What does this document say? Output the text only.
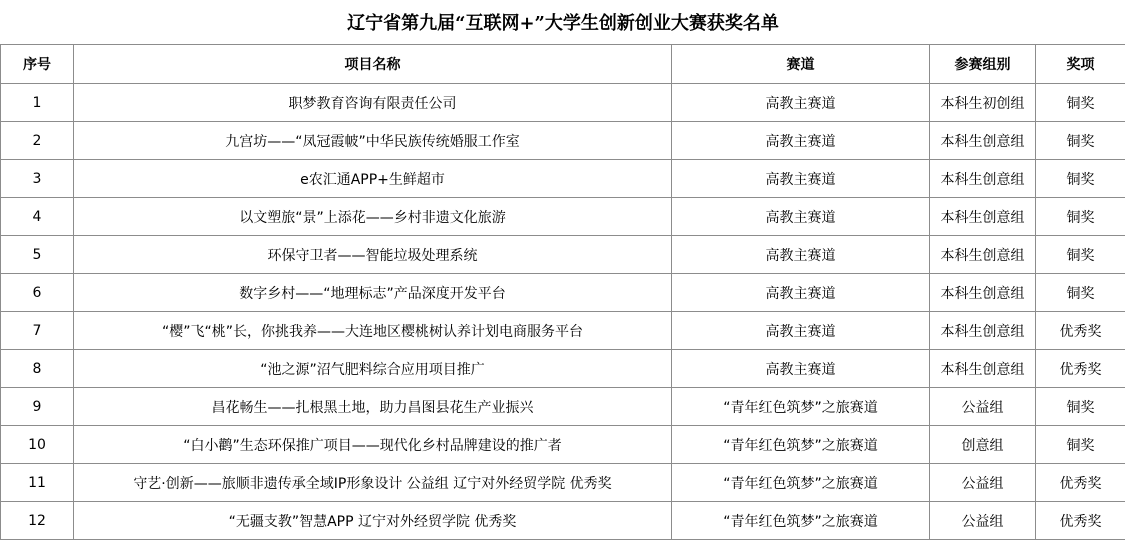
辽宁省第九届“互联网+”大学生创新创业大赛获奖名单				
序号	项目名称	赛道	参赛组别	奖项
1	职梦教育咨询有限责任公司	高教主赛道	本科生初创组	铜奖
2	九宫坊——“凤冠霞帔”中华民族传统婚服工作室	高教主赛道	本科生创意组	铜奖
3	e农汇通APP+生鲜超市	高教主赛道	本科生创意组	铜奖
4	以文塑旅“景”上添花——乡村非遗文化旅游	高教主赛道	本科生创意组	铜奖
5	环保守卫者——智能垃圾处理系统	高教主赛道	本科生创意组	铜奖
6	数字乡村——“地理标志”产品深度开发平台	高教主赛道	本科生创意组	铜奖
7	“樱”飞“桃”长，你挑我养——大连地区樱桃树认养计划电商服务平台	高教主赛道	本科生创意组	优秀奖
8	“池之源”沼气肥料综合应用项目推广	高教主赛道	本科生创意组	优秀奖
9	昌花畅生——扎根黑土地，助力昌图县花生产业振兴	“青年红色筑梦”之旅赛道	公益组	铜奖
10	“白小鹳”生态环保推广项目——现代化乡村品牌建设的推广者	“青年红色筑梦”之旅赛道	创意组	铜奖
11	守艺·创新——旅顺非遗传承全域IP形象设计 公益组 辽宁对外经贸学院 优秀奖	“青年红色筑梦”之旅赛道	公益组	优秀奖
12	“无疆支教”智慧APP 辽宁对外经贸学院 优秀奖	“青年红色筑梦”之旅赛道	公益组	优秀奖
